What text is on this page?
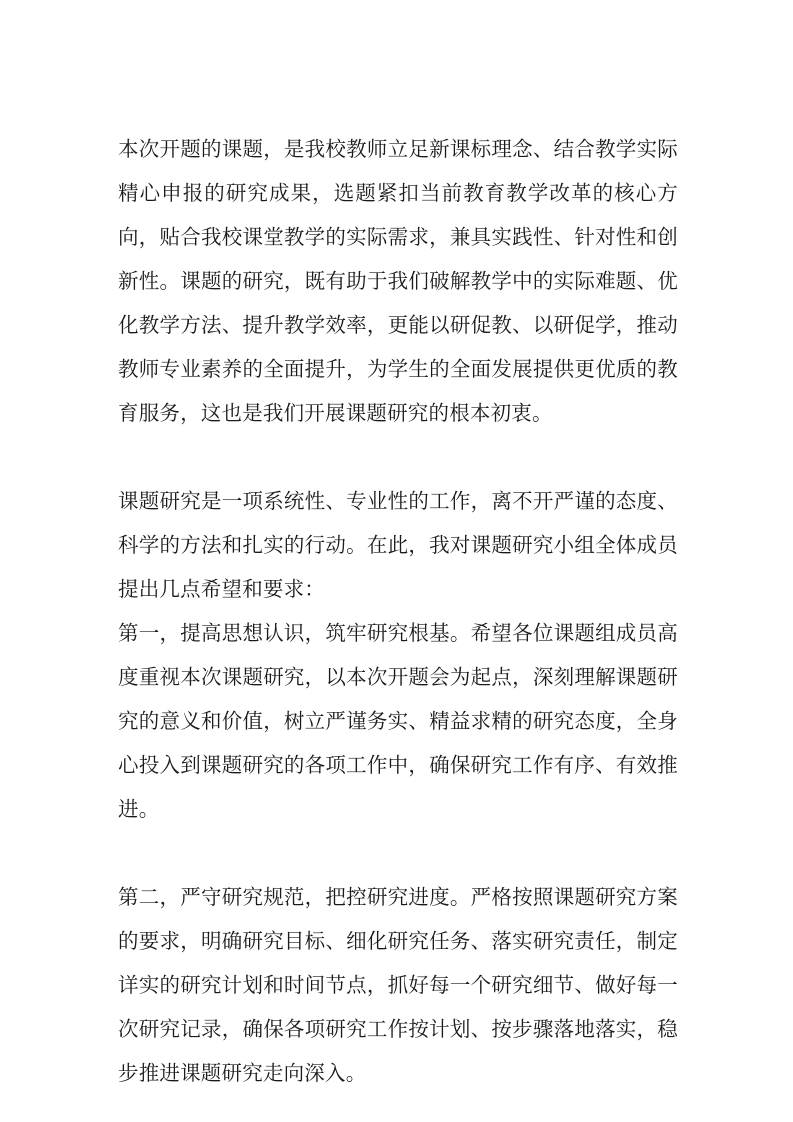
本次开题的课题，是我校教师立足新课标理念、结合教学实际精心申报的研究成果，选题紧扣当前教育教学改革的核心方向，贴合我校课堂教学的实际需求，兼具实践性、针对性和创新性。课题的研究，既有助于我们破解教学中的实际难题、优化教学方法、提升教学效率，更能以研促教、以研促学，推动教师专业素养的全面提升，为学生的全面发展提供更优质的教育服务，这也是我们开展课题研究的根本初衷。

课题研究是一项系统性、专业性的工作，离不开严谨的态度、科学的方法和扎实的行动。在此，我对课题研究小组全体成员提出几点希望和要求：

第一，提高思想认识，筑牢研究根基。希望各位课题组成员高度重视本次课题研究，以本次开题会为起点，深刻理解课题研究的意义和价值，树立严谨务实、精益求精的研究态度，全身心投入到课题研究的各项工作中，确保研究工作有序、有效推进。

第二，严守研究规范，把控研究进度。严格按照课题研究方案的要求，明确研究目标、细化研究任务、落实研究责任，制定详实的研究计划和时间节点，抓好每一个研究细节、做好每一次研究记录，确保各项研究工作按计划、按步骤落地落实，稳步推进课题研究走向深入。
